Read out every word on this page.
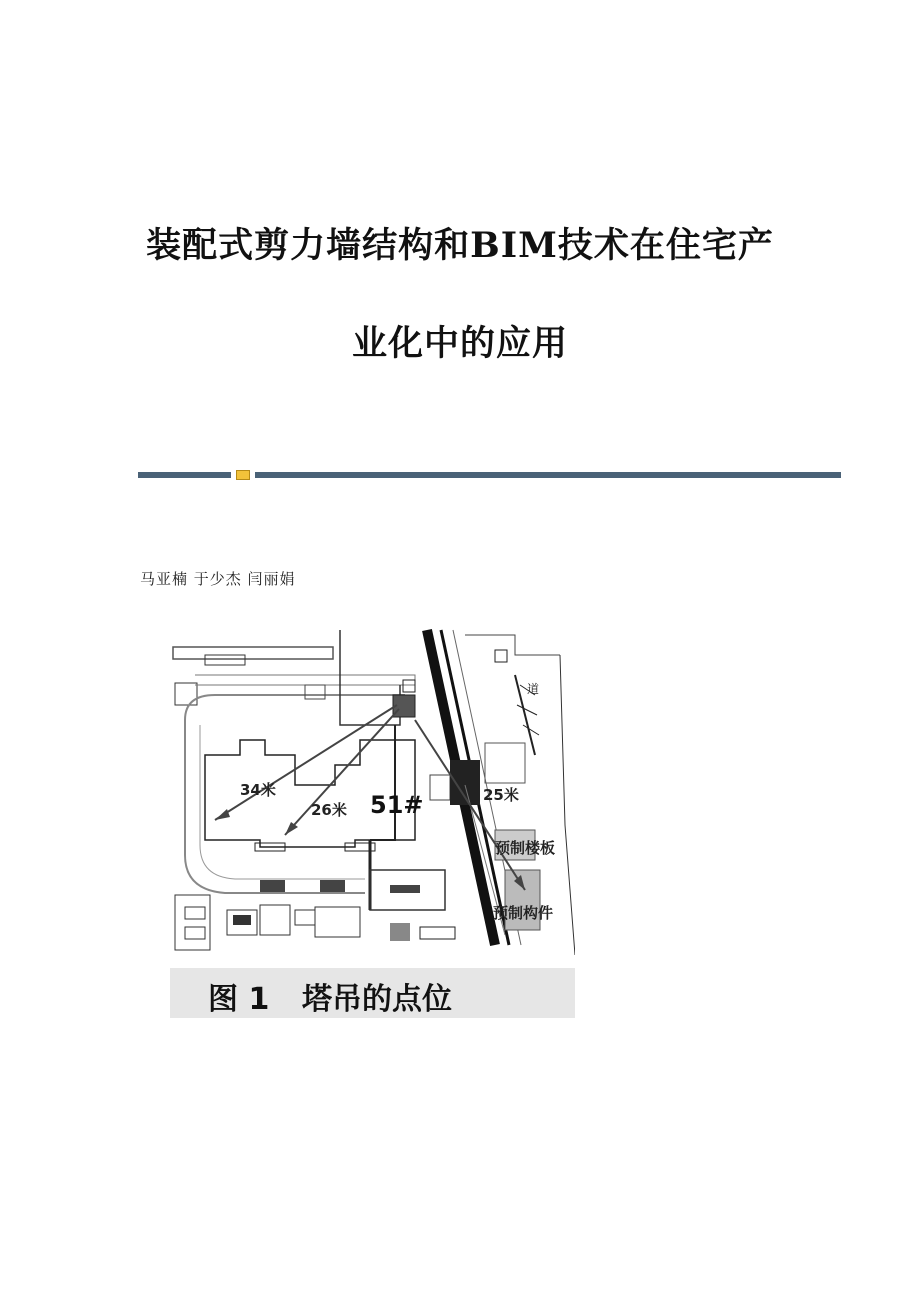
装配式剪力墙结构和BIM技术在住宅产
业化中的应用
马亚楠 于少杰 闫丽娟
34米
26米 51#	25米
预制楼板
预制构件
道
图 1 塔吊的点位
